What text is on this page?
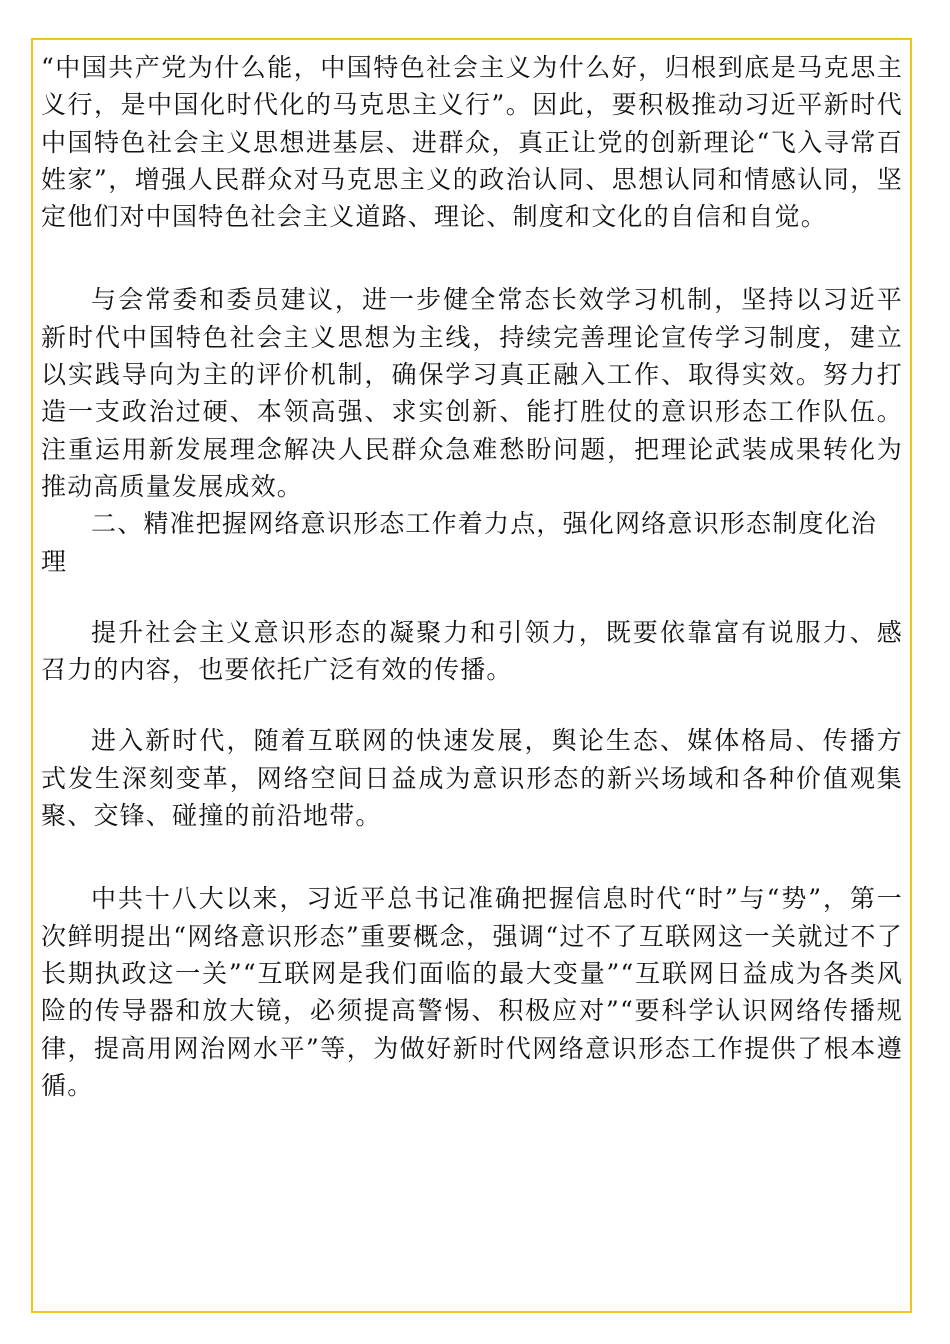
“中国共产党为什么能，中国特色社会主义为什么好，归根到底是马克思主义行，是中国化时代化的马克思主义行”。因此，要积极推动习近平新时代中国特色社会主义思想进基层、进群众，真正让党的创新理论“飞入寻常百姓家”，增强人民群众对马克思主义的政治认同、思想认同和情感认同，坚定他们对中国特色社会主义道路、理论、制度和文化的自信和自觉。

与会常委和委员建议，进一步健全常态长效学习机制，坚持以习近平新时代中国特色社会主义思想为主线，持续完善理论宣传学习制度，建立以实践导向为主的评价机制，确保学习真正融入工作、取得实效。努力打造一支政治过硬、本领高强、求实创新、能打胜仗的意识形态工作队伍。注重运用新发展理念解决人民群众急难愁盼问题，把理论武装成果转化为推动高质量发展成效。

二、精准把握网络意识形态工作着力点，强化网络意识形态制度化治理

提升社会主义意识形态的凝聚力和引领力，既要依靠富有说服力、感召力的内容，也要依托广泛有效的传播。

进入新时代，随着互联网的快速发展，舆论生态、媒体格局、传播方式发生深刻变革，网络空间日益成为意识形态的新兴场域和各种价值观集聚、交锋、碰撞的前沿地带。

中共十八大以来，习近平总书记准确把握信息时代“时”与“势”，第一次鲜明提出“网络意识形态”重要概念，强调“过不了互联网这一关就过不了长期执政这一关”“互联网是我们面临的最大变量”“互联网日益成为各类风险的传导器和放大镜，必须提高警惕、积极应对”“要科学认识网络传播规律，提高用网治网水平”等，为做好新时代网络意识形态工作提供了根本遵循。
